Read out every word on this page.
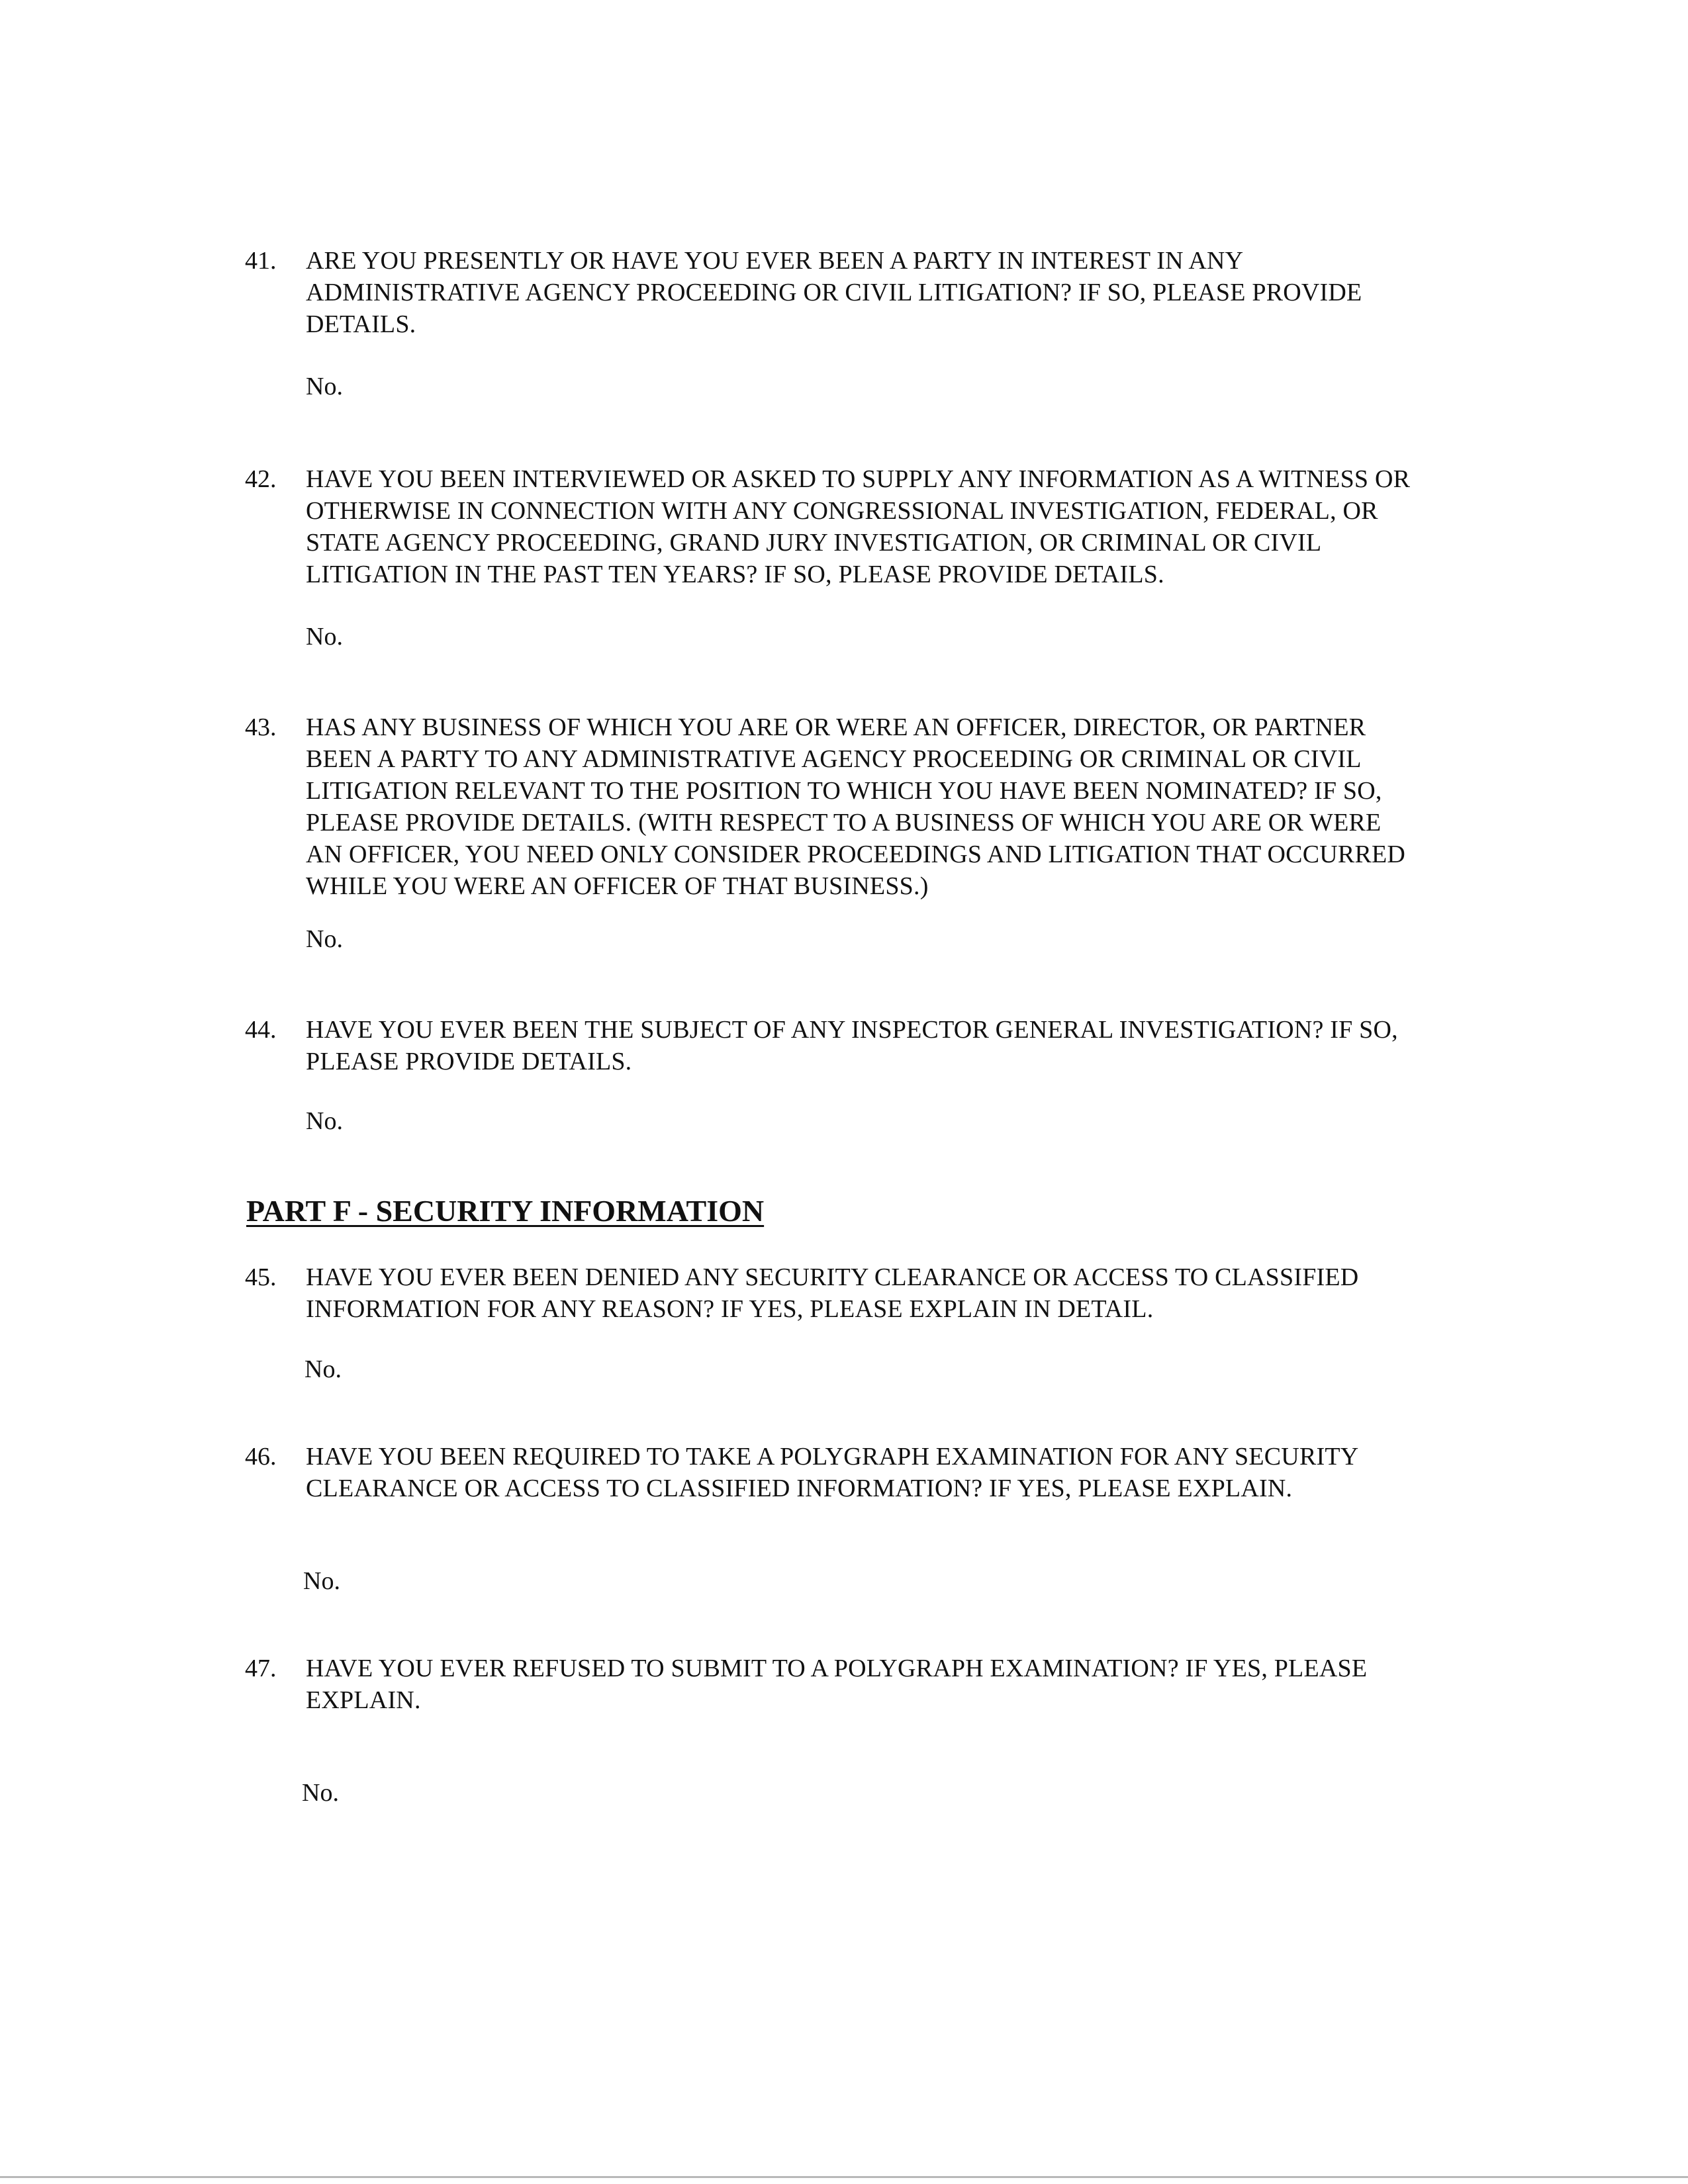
41. ARE YOU PRESENTLY OR HAVE YOU EVER BEEN A PARTY IN INTEREST IN ANY
ADMINISTRATIVE AGENCY PROCEEDING OR CIVIL LITIGATION? IF SO, PLEASE PROVIDE
DETAILS.
No.
42. HAVE YOU BEEN INTERVIEWED OR ASKED TO SUPPLY ANY INFORMATION AS A WITNESS OR
OTHERWISE IN CONNECTION WITH ANY CONGRESSIONAL INVESTIGATION, FEDERAL, OR
STATE AGENCY PROCEEDING, GRAND JURY INVESTIGATION, OR CRIMINAL OR CIVIL
LITIGATION IN THE PAST TEN YEARS? IF SO, PLEASE PROVIDE DETAILS.
No.
43. HAS ANY BUSINESS OF WHICH YOU ARE OR WERE AN OFFICER, DIRECTOR, OR PARTNER
BEEN A PARTY TO ANY ADMINISTRATIVE AGENCY PROCEEDING OR CRIMINAL OR CIVIL
LITIGATION RELEVANT TO THE POSITION TO WHICH YOU HAVE BEEN NOMINATED? IF SO,
PLEASE PROVIDE DETAILS. (WITH RESPECT TO A BUSINESS OF WHICH YOU ARE OR WERE
AN OFFICER, YOU NEED ONLY CONSIDER PROCEEDINGS AND LITIGATION THAT OCCURRED
WHILE YOU WERE AN OFFICER OF THAT BUSINESS.)
No.
44. HAVE YOU EVER BEEN THE SUBJECT OF ANY INSPECTOR GENERAL INVESTIGATION? IF SO,
PLEASE PROVIDE DETAILS.
No.
PART F - SECURITY INFORMATION
45. HAVE YOU EVER BEEN DENIED ANY SECURITY CLEARANCE OR ACCESS TO CLASSIFIED
INFORMATION FOR ANY REASON? IF YES, PLEASE EXPLAIN IN DETAIL.
No.
46. HAVE YOU BEEN REQUIRED TO TAKE A POLYGRAPH EXAMINATION FOR ANY SECURITY
CLEARANCE OR ACCESS TO CLASSIFIED INFORMATION? IF YES, PLEASE EXPLAIN.
No.
47. HAVE YOU EVER REFUSED TO SUBMIT TO A POLYGRAPH EXAMINATION? IF YES, PLEASE
EXPLAIN.
No.
